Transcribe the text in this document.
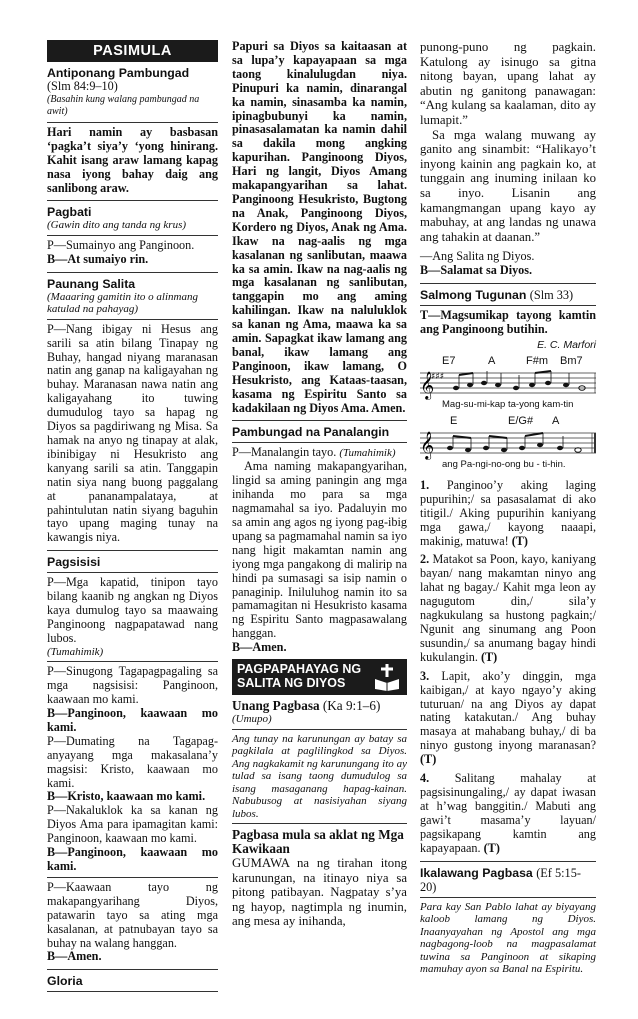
PASIMULA

Antiponang Pambungad

(Slm 84:9–10)

(Basahin kung walang pambungad na awit)

Hari namin ay basbasan ‘pagka’t siya’y ‘yong hinirang. Kahit isang araw lamang kapag nasa iyong bahay daig ang sanlibong araw.

Pagbati

(Gawin dito ang tanda ng krus)

P—Sumainyo ang Panginoon.

B—At sumaiyo rin.

Paunang Salita

(Maaaring gamitin ito o alinmang katulad na pahayag)

P—Nang ibigay ni Hesus ang sarili sa atin bilang Tinapay ng Buhay, hangad niyang maranasan natin ang ganap na kaligayahan ng buhay. Maranasan nawa natin ang kaligayahang ito tuwing dumudulog tayo sa hapag ng Diyos sa pagdiriwang ng Misa. Sa hamak na anyo ng tinapay at alak, ibinibigay ni Hesukristo ang kanyang sarili sa atin. Tanggapin natin siya nang buong paggalang at pananampalataya, at pahintulutan natin siyang baguhin tayo upang maging tunay na kawangis niya.

Pagsisisi

P—Mga kapatid, tinipon tayo bilang kaanib ng angkan ng Diyos kaya dumulog tayo sa maawaing Panginoong nagpapatawad nang lubos.

(Tumahimik)

P—Sinugong Tagapagpagaling sa mga nagsisisi: Panginoon, kaawaan mo kami.

B—Panginoon, kaawaan mo kami.

P—Dumating na Tagapag-anyayang mga makasalana’y magsisi: Kristo, kaawaan mo kami.

B—Kristo, kaawaan mo kami.

P—Nakaluklok ka sa kanan ng Diyos Ama para ipamagitan kami: Panginoon, kaawaan mo kami.

B—Panginoon, kaawaan mo kami.

P—Kaawaan tayo ng makapangyarihang Diyos, patawarin tayo sa ating mga kasalanan, at patnubayan tayo sa buhay na walang hanggan.

B—Amen.

Gloria

Papuri sa Diyos sa kaitaasan at sa lupa’y kapayapaan sa mga taong kinalulugdan niya. Pinupuri ka namin, dinarangal ka namin, sinasamba ka namin, ipinagbubunyi ka namin, pinasasalamatan ka namin dahil sa dakila mong angking kapurihan. Panginoong Diyos, Hari ng langit, Diyos Amang makapangyarihan sa lahat. Panginoong Hesukristo, Bugtong na Anak, Panginoong Diyos, Kordero ng Diyos, Anak ng Ama. Ikaw na nag-aalis ng mga kasalanan ng sanlibutan, maawa ka sa amin. Ikaw na nag-aalis ng mga kasalanan ng sanlibutan, tanggapin mo ang aming kahilingan. Ikaw na naluluklok sa kanan ng Ama, maawa ka sa amin. Sapagkat ikaw lamang ang banal, ikaw lamang ang Panginoon, ikaw lamang, O Hesukristo, ang Kataas-taasan, kasama ng Espiritu Santo sa kadakilaan ng Diyos Ama. Amen.

Pambungad na Panalangin

P—Manalangin tayo. (Tumahimik)

Ama naming makapangyarihan, lingid sa aming paningin ang mga inihanda mo para sa mga nagmamahal sa iyo. Padaluyin mo sa amin ang agos ng iyong pag-ibig upang sa pagmamahal namin sa iyo nang higit makamtan namin ang iyong mga pangakong di malirip na hindi pa sumasagi sa isip namin o panaginip. Iniluluhog namin ito sa pamamagitan ni Hesukristo kasama ng Espiritu Santo magpasawalang hanggan.

B—Amen.

PAGPAPAHAYAG NG SALITA NG DIYOS

Unang Pagbasa (Ka 9:1–6)

(Umupo)

Ang tunay na karunungan ay batay sa pagkilala at paglilingkod sa Diyos. Ang nagkakamit ng karunungang ito ay tulad sa isang taong dumudulog sa isang masaganang hapag-kainan. Nabubusog at nasisiyahan siyang lubos.

Pagbasa mula sa aklat ng Mga Kawikaan

GUMAWA na ng tirahan itong karunungan, na itinayo niya sa pitong patibayan. Nagpatay s’ya ng hayop, nagtimpla ng inumin, ang mesa ay inihanda,

punong-puno ng pagkain. Katulong ay isinugo sa gitna nitong bayan, upang lahat ay abutin ng ganitong panawagan: “Ang kulang sa kaalaman, dito ay lumapit.”

Sa mga walang muwang ay ganito ang sinambit: “Halikayo’t inyong kainin ang pagkain ko, at tunggain ang inuming inilaan ko sa inyo. Lisanin ang kamangmangan upang kayo ay mabuhay, at ang landas ng unawa ang tahakin at daanan.”

—Ang Salita ng Diyos.

B—Salamat sa Diyos.

Salmong Tugunan (Slm 33)

T—Magsumikap tayong kamtin ang Panginoong butihin.

E. C. Marfori

E7	A	F#m Bm7
𝄞
♯♯♯
Mag-su-mi-kap ta-yong kam-tin
E	E/G# A
𝄞
ang Pa-ngi-no-ong bu - ti-hin.

1. Panginoo’y aking laging pupurihin;/ sa pasasalamat di ako titigil./ Aking pupurihin kaniyang mga gawa,/ kayong naaapi, makinig, matuwa! (T)

2. Matakot sa Poon, kayo, kaniyang bayan/ nang makamtan ninyo ang lahat ng bagay./ Kahit mga leon ay nagugutom din,/ sila’y nagkukulang sa hustong pagkain;/ Ngunit ang sinumang ang Poon susundin,/ sa anumang bagay hindi kukulangin. (T)

3. Lapit, ako’y dinggin, mga kaibigan,/ at kayo ngayo’y aking tuturuan/ na ang Diyos ay dapat nating katakutan./ Ang buhay masaya at mahabang buhay,/ di ba ninyo gustong inyong maranasan? (T)

4. Salitang mahalay at pagsisinungaling,/ ay dapat iwasan at h’wag banggitin./ Mabuti ang gawi’t masama’y layuan/ pagsikapang kamtin ang kapayapaan. (T)

Ikalawang Pagbasa (Ef 5:15-20)

Para kay San Pablo lahat ay biyayang kaloob lamang ng Diyos. Inaanyayahan ng Apostol ang mga nagbagong-loob na magpasalamat tuwina sa Panginoon at sikaping mamuhay ayon sa Banal na Espiritu.
